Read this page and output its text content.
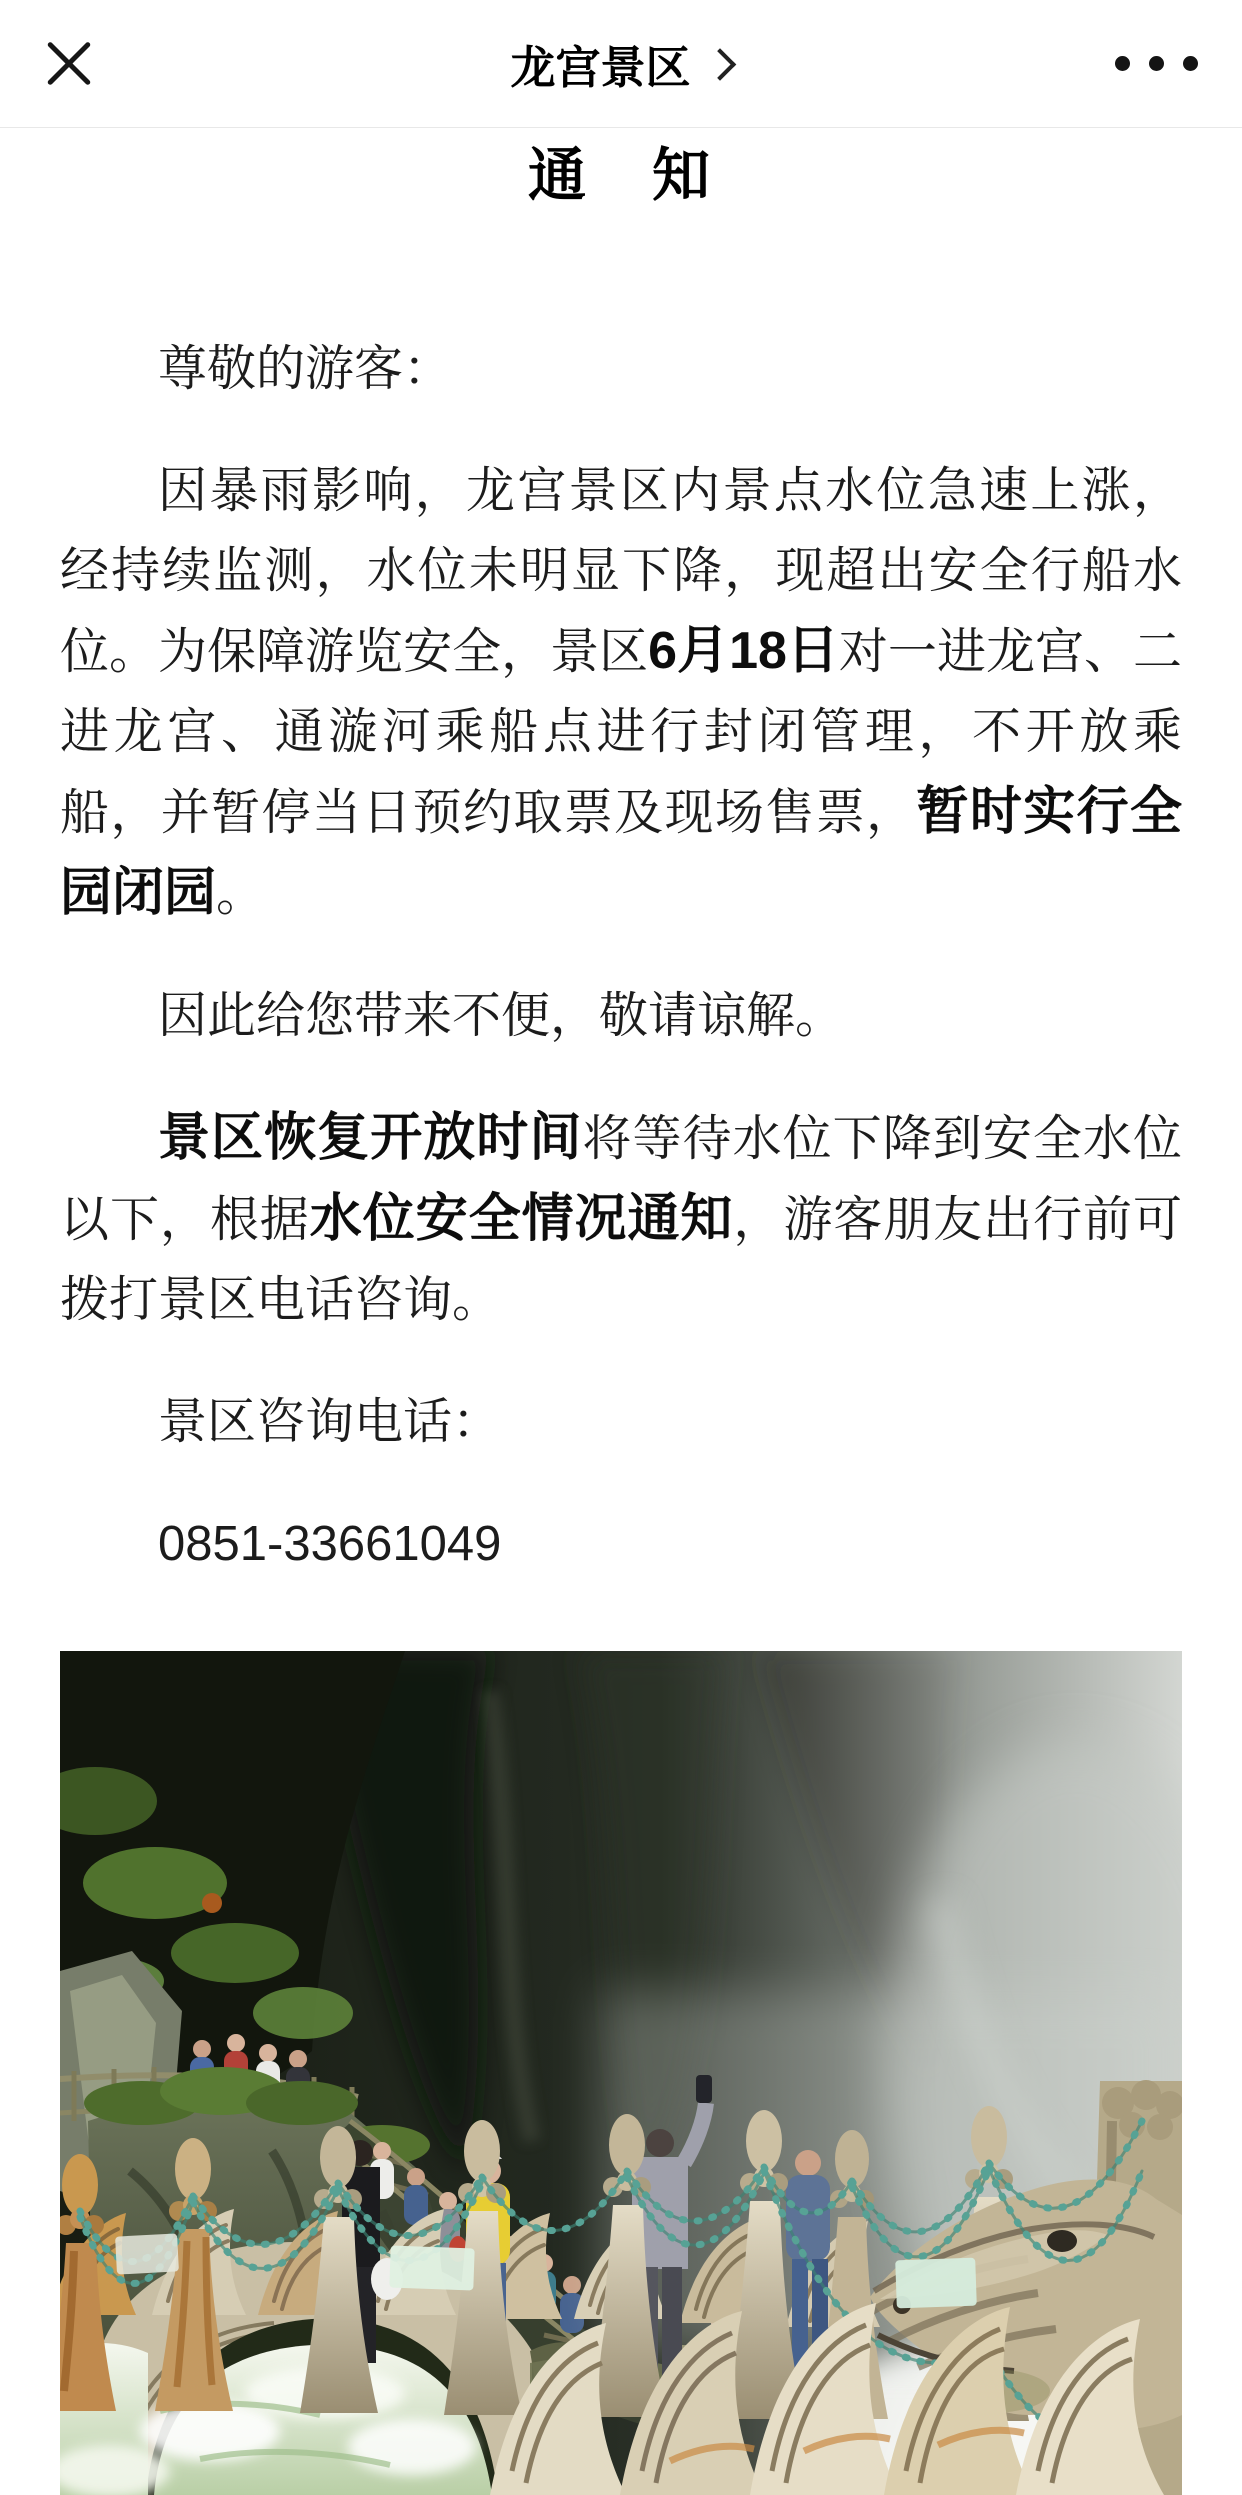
龙宫景区
通　知

尊敬的游客：

因暴雨影响，龙宫景区内景点水位急速上涨，经持续监测，水位未明显下降，现超出安全行船水位。为保障游览安全，景区6月18日对一进龙宫、二进龙宫、通漩河乘船点进行封闭管理，不开放乘船，并暂停当日预约取票及现场售票，暂时实行全园闭园。

因此给您带来不便，敬请谅解。

景区恢复开放时间将等待水位下降到安全水位以下，根据水位安全情况通知，游客朋友出行前可拨打景区电话咨询。

景区咨询电话：

0851-33661049
